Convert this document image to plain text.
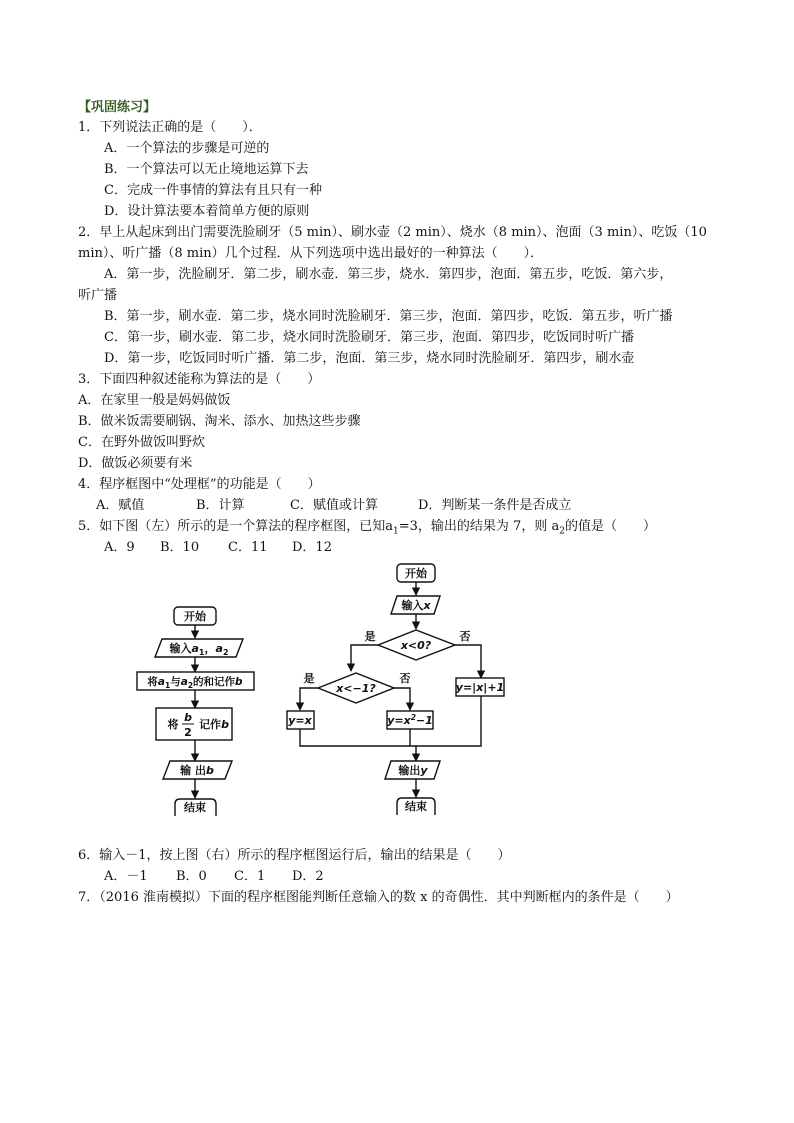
【巩固练习】
1．下列说法正确的是（　　）．
A．一个算法的步骤是可逆的
B．一个算法可以无止境地运算下去
C．完成一件事情的算法有且只有一种
D．设计算法要本着简单方便的原则
2．早上从起床到出门需要洗脸刷牙（5 min）、刷水壶（2 min）、烧水（8 min）、泡面（3 min）、吃饭（10
min）、听广播（8 min）几个过程．从下列选项中选出最好的一种算法（　　）．
A．第一步，洗脸刷牙．第二步，刷水壶．第三步，烧水．第四步，泡面．第五步，吃饭．第六步，
听广播
B．第一步，刷水壶．第二步，烧水同时洗脸刷牙．第三步，泡面．第四步，吃饭．第五步，听广播
C．第一步，刷水壶．第二步，烧水同时洗脸刷牙．第三步，泡面．第四步，吃饭同时听广播
D．第一步，吃饭同时听广播．第二步，泡面．第三步，烧水同时洗脸刷牙．第四步，刷水壶
3．下面四种叙述能称为算法的是（　　）
A．在家里一般是妈妈做饭
B．做米饭需要刷锅、淘米、添水、加热这些步骤
C．在野外做饭叫野炊
D．做饭必须要有米
4．程序框图中“处理框”的功能是（　　）
A．赋值	B．计算	C．赋值或计算	D．判断某一条件是否成立
5．如下图（左）所示的是一个算法的程序框图，已知$a_1=3$，输出的结果为 7，则 $a_2$的值是（　　）
A．9 B．10 C．11 D．12
开始
输入$a_1$，$a_2$
将$a_1$与$a_2$的和记作b
将
b
2
记作b
输 出b
结束
开始
输入x
x<0?
是	否
x<−1?
是	否
y=|x|+1
y=x	$y=x^2-1$
输出y
结束
6．输入－1，按上图（右）所示的程序框图运行后，输出的结果是（　　）
A．－1 B．0 C．1 D．2
7．（2016 淮南模拟）下面的程序框图能判断任意输入的数 x 的奇偶性．其中判断框内的条件是（　　）
